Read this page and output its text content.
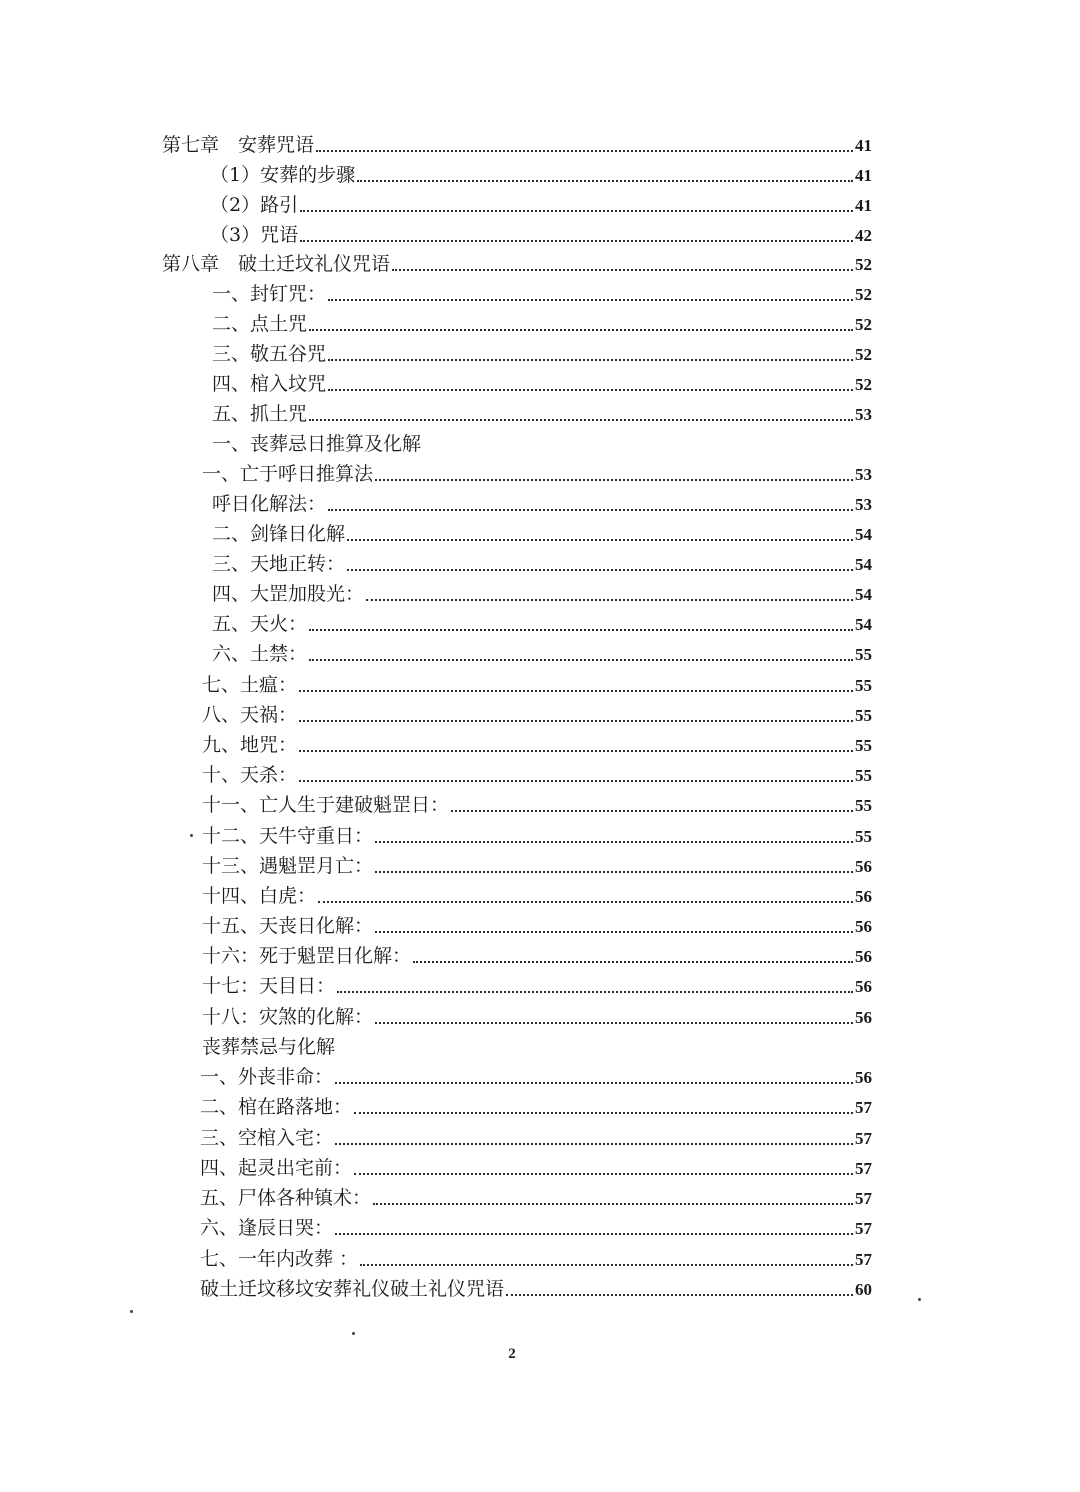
第七章　安葬咒语	41
（1）安葬的步骤	41
（2）路引	41
（3）咒语	42
第八章　破土迁坟礼仪咒语	52
一、封钉咒：	52
二、点土咒	52
三、敬五谷咒	52
四、棺入坟咒	52
五、抓土咒	53
一、丧葬忌日推算及化解
一、亡于呼日推算法	53
呼日化解法：	53
二、剑锋日化解	54
三、天地正转：	54
四、大罡加股光：	54
五、天火：	54
六、土禁：	55
七、土瘟：	55
八、天祸：	55
九、地咒：	55
十、天杀：	55
十一、亡人生于建破魁罡日：	55
十二、天牛守重日：	55
十三、遇魁罡月亡：	56
十四、白虎：	56
十五、天丧日化解：	56
十六：死于魁罡日化解：	56
十七：天目日：	56
十八：灾煞的化解：	56
丧葬禁忌与化解
一、外丧非命：	56
二、棺在路落地：	57
三、空棺入宅：	57
四、起灵出宅前：	57
五、尸体各种镇术：	57
六、逢辰日哭：	57
七、一年内改葬 ：	57
破土迁坟移坟安葬礼仪破土礼仪咒语	60
2
